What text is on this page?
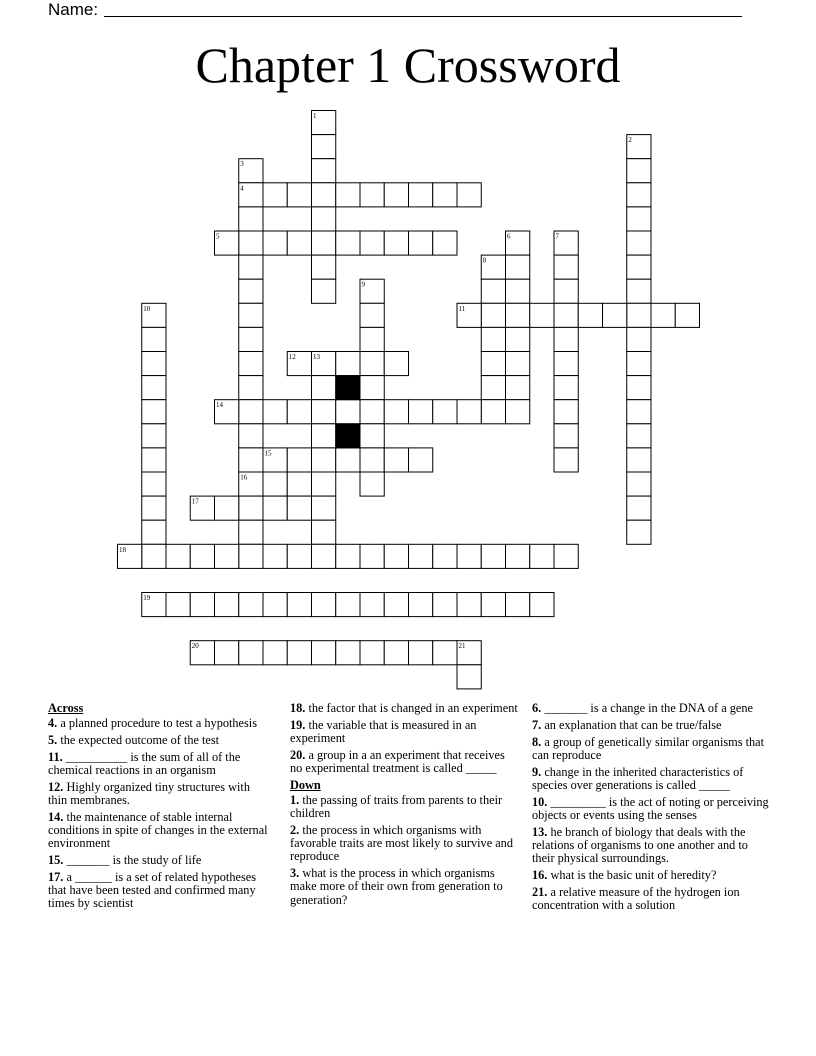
Name:
Chapter 1 Crossword
1
2
3
4
5	6	7
8
9
10	11
12 13
14
15
16
17
18
19
20	21
Across
4. a planned procedure to test a hypothesis
5. the expected outcome of the test
11. __________ is the sum of all of the chemical reactions in an organism
12. Highly organized tiny structures with thin membranes.
14. the maintenance of stable internal conditions in spite of changes in the external environment
15. _______ is the study of life
17. a ______ is a set of related hypotheses that have been tested and confirmed many times by scientist
18. the factor that is changed in an experiment
19. the variable that is measured in an experiment
20. a group in a an experiment that receives no experimental treatment is called _____
Down
1. the passing of traits from parents to their children
2. the process in which organisms with favorable traits are most likely to survive and reproduce
3. what is the process in which organisms make more of their own from generation to generation?
6. _______ is a change in the DNA of a gene
7. an explanation that can be true/false
8. a group of genetically similar organisms that can reproduce
9. change in the inherited characteristics of species over generations is called _____
10. _________ is the act of noting or perceiving objects or events using the senses
13. he branch of biology that deals with the relations of organisms to one another and to their physical surroundings.
16. what is the basic unit of heredity?
21. a relative measure of the hydrogen ion concentration with a solution
